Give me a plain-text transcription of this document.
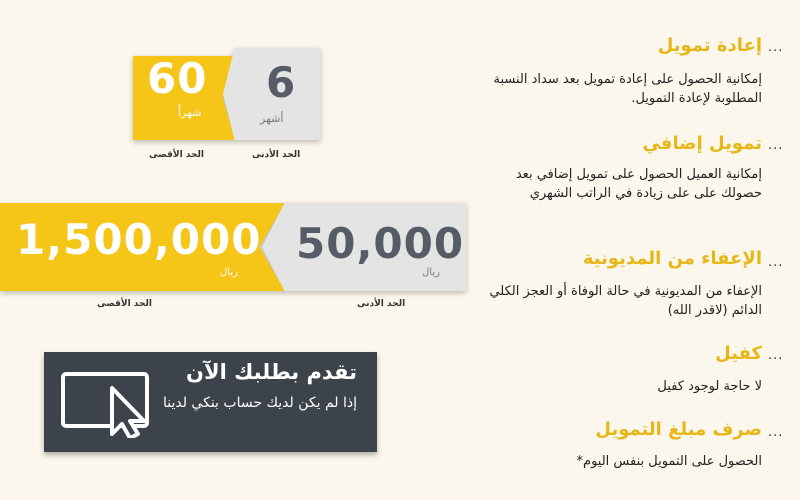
60
شهراً
6
أشهر
الحد الأقصى	الحد الأدنى
1,500,000
ريال
50,000
ريال
الحد الأقصى	الحد الأدنى
تقدم بطلبك الآن
إذا لم يكن لديك حساب بنكي لدينا
...
إعادة تمويل
إمكانية الحصول على إعادة تمويل بعد سداد النسبة المطلوبة لإعادة التمويل.
...
تمويل إضافي
إمكانية العميل الحصول على تمويل إضافي بعد حصولك على على زيادة في الراتب الشهري
...
الإعفاء من المديونية
الإعفاء من المديونية في حالة الوفاة أو العجز الكلي الدائم (لاقدر الله)
...
كفيل
لا حاجة لوجود كفيل
...
صرف مبلغ التمويل
الحصول على التمويل بنفس اليوم*
